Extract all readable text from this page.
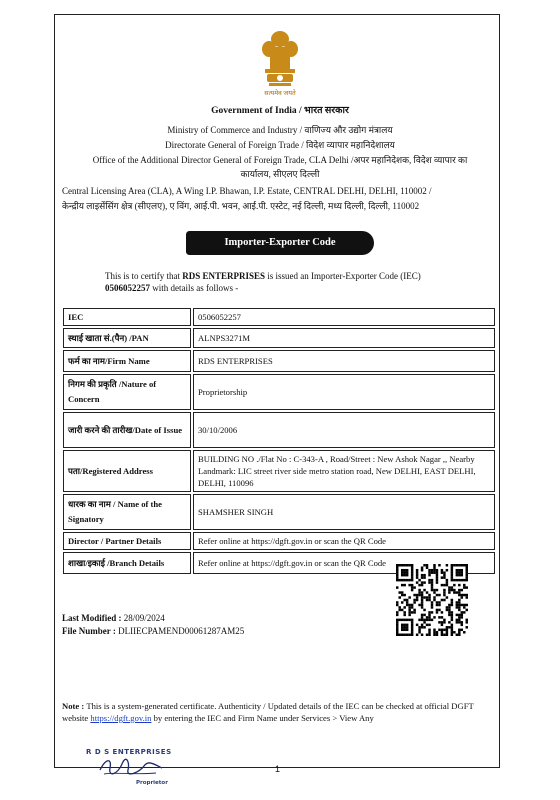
सत्यमेव जयते
Government of India / भारत सरकार
Ministry of Commerce and Industry / वाणिज्य और उद्योग मंत्रालय
Directorate General of Foreign Trade / विदेश व्यापार महानिदेशालय
Office of the Additional Director General of Foreign Trade, CLA Delhi /अपर महानिदेशक, विदेश व्यापार का
कार्यालय, सीएलए दिल्ली
Central Licensing Area (CLA), A Wing I.P. Bhawan, I.P. Estate, CENTRAL DELHI, DELHI, 110002 /
केन्द्रीय लाइसेंसिंग क्षेत्र (सीएलए), ए विंग, आई.पी. भवन, आई.पी. एस्टेट, नई दिल्ली, मध्य दिल्ली, दिल्ली, 110002
Importer-Exporter Code
This is to certify that RDS ENTERPRISES is issued an Importer-Exporter Code (IEC)
0506052257 with details as follows -
IEC	0506052257
स्थाई खाता सं.(पैन) /PAN	ALNPS3271M
फर्म का नाम/Firm Name	RDS ENTERPRISES
निगम की प्रकृति /Nature of Concern	Proprietorship
जारी करने की तारीख/Date of Issue	30/10/2006
पता/Registered Address	BUILDING NO ./Flat No : C-343-A , Road/Street : New Ashok Nagar ,, Nearby Landmark: LIC street river side metro station road, New DELHI, EAST DELHI, DELHI, 110096
धारक का नाम / Name of the Signatory	SHAMSHER SINGH
Director / Partner Details	Refer online at https://dgft.gov.in or scan the QR Code
शाखा/इकाई /Branch Details	Refer online at https://dgft.gov.in or scan the QR Code
Last Modified : 28/09/2024
File Number : DLIIECPAMEND00061287AM25
Note : This is a system-generated certificate. Authenticity / Updated details of the IEC can be checked at official DGFT website https://dgft.gov.in by entering the IEC and Firm Name under Services > View Any
R D S ENTERPRISES
Proprietor
1
